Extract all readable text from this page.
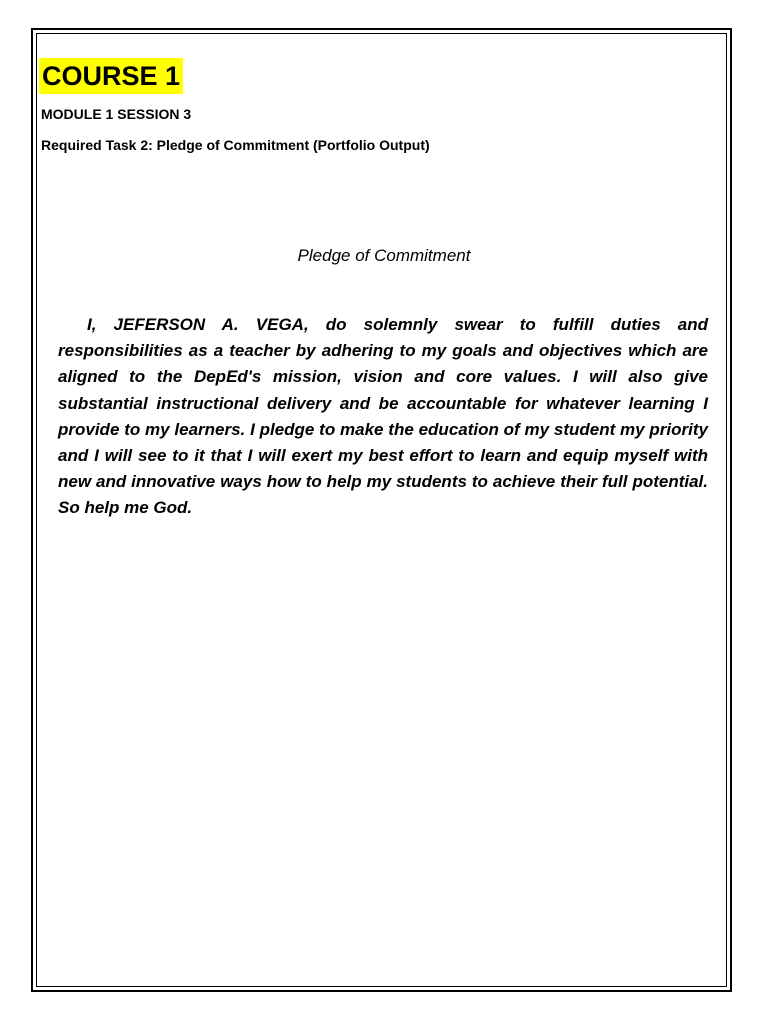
COURSE 1
MODULE 1 SESSION 3
Required Task 2: Pledge of Commitment (Portfolio Output)
Pledge of Commitment

I, JEFERSON A. VEGA, do solemnly swear to fulfill duties and responsibilities as a teacher by adhering to my goals and objectives which are aligned to the DepEd's mission, vision and core values. I will also give substantial instructional delivery and be accountable for whatever learning I provide to my learners. I pledge to make the education of my student my priority and I will see to it that I will exert my best effort to learn and equip myself with new and innovative ways how to help my students to achieve their full potential. So help me God.
